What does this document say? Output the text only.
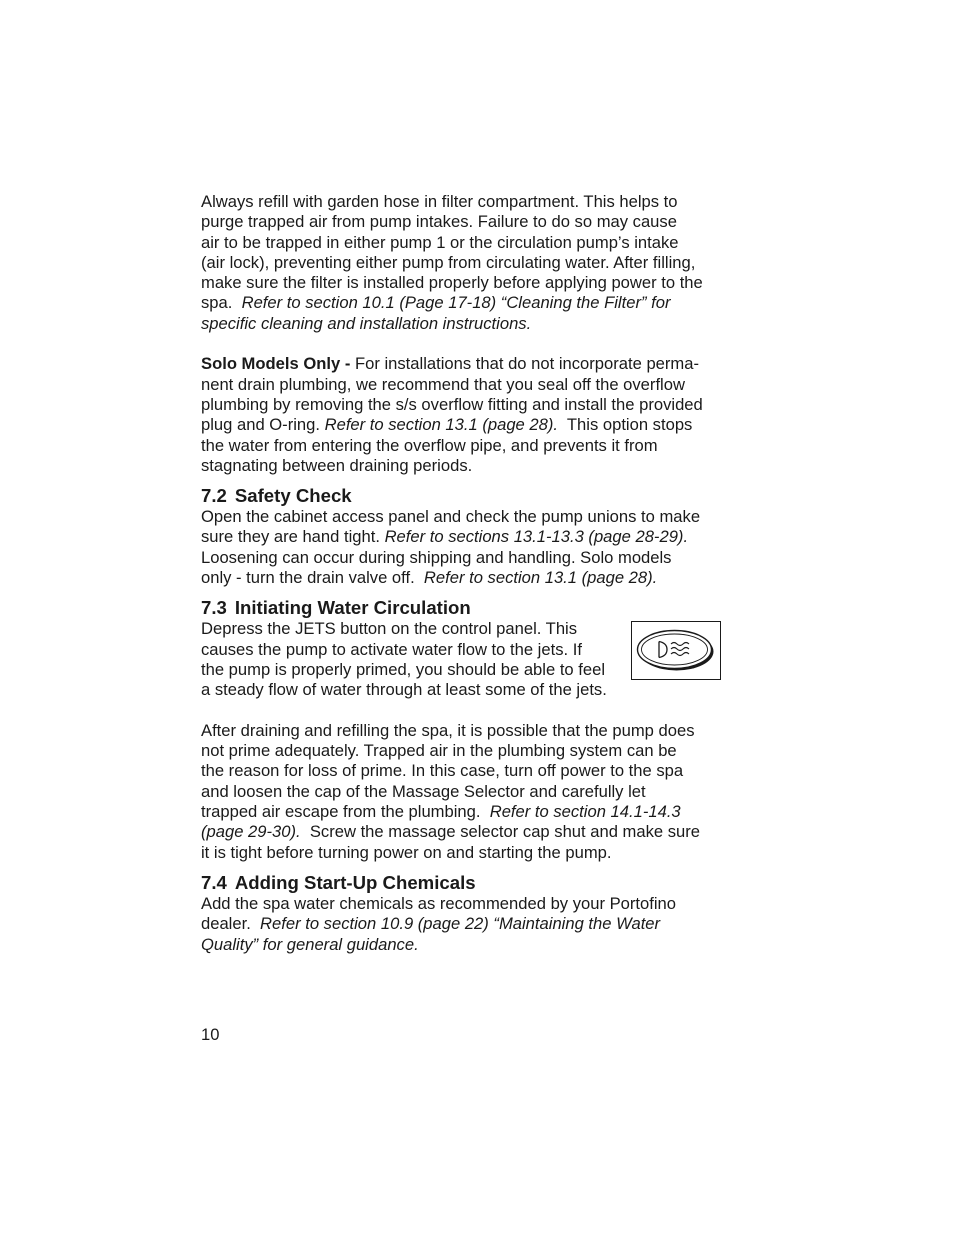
Always refill with garden hose in filter compartment. This helps to
purge trapped air from pump intakes. Failure to do so may cause
air to be trapped in either pump 1 or the circulation pump’s intake
(air lock), preventing either pump from circulating water. After filling,
make sure the filter is installed properly before applying power to the
spa.  Refer to section 10.1 (Page 17-18) “Cleaning the Filter” for
specific cleaning and installation instructions.
Solo Models Only - For installations that do not incorporate perma-
nent drain plumbing, we recommend that you seal off the overflow
plumbing by removing the s/s overflow fitting and install the provided
plug and O-ring. Refer to section 13.1 (page 28).  This option stops
the water from entering the overflow pipe, and prevents it from
stagnating between draining periods.
7.2 Safety Check
Open the cabinet access panel and check the pump unions to make
sure they are hand tight. Refer to sections 13.1-13.3 (page 28-29).
Loosening can occur during shipping and handling. Solo models
only - turn the drain valve off.  Refer to section 13.1 (page 28).
7.3 Initiating Water Circulation
Depress the JETS button on the control panel. This
causes the pump to activate water flow to the jets. If
the pump is properly primed, you should be able to feel
a steady flow of water through at least some of the jets.
After draining and refilling the spa, it is possible that the pump does
not prime adequately. Trapped air in the plumbing system can be
the reason for loss of prime. In this case, turn off power to the spa
and loosen the cap of the Massage Selector and carefully let
trapped air escape from the plumbing.  Refer to section 14.1-14.3
(page 29-30).  Screw the massage selector cap shut and make sure
it is tight before turning power on and starting the pump.
7.4 Adding Start-Up Chemicals
Add the spa water chemicals as recommended by your Portofino
dealer.  Refer to section 10.9 (page 22) “Maintaining the Water
Quality” for general guidance.
10
